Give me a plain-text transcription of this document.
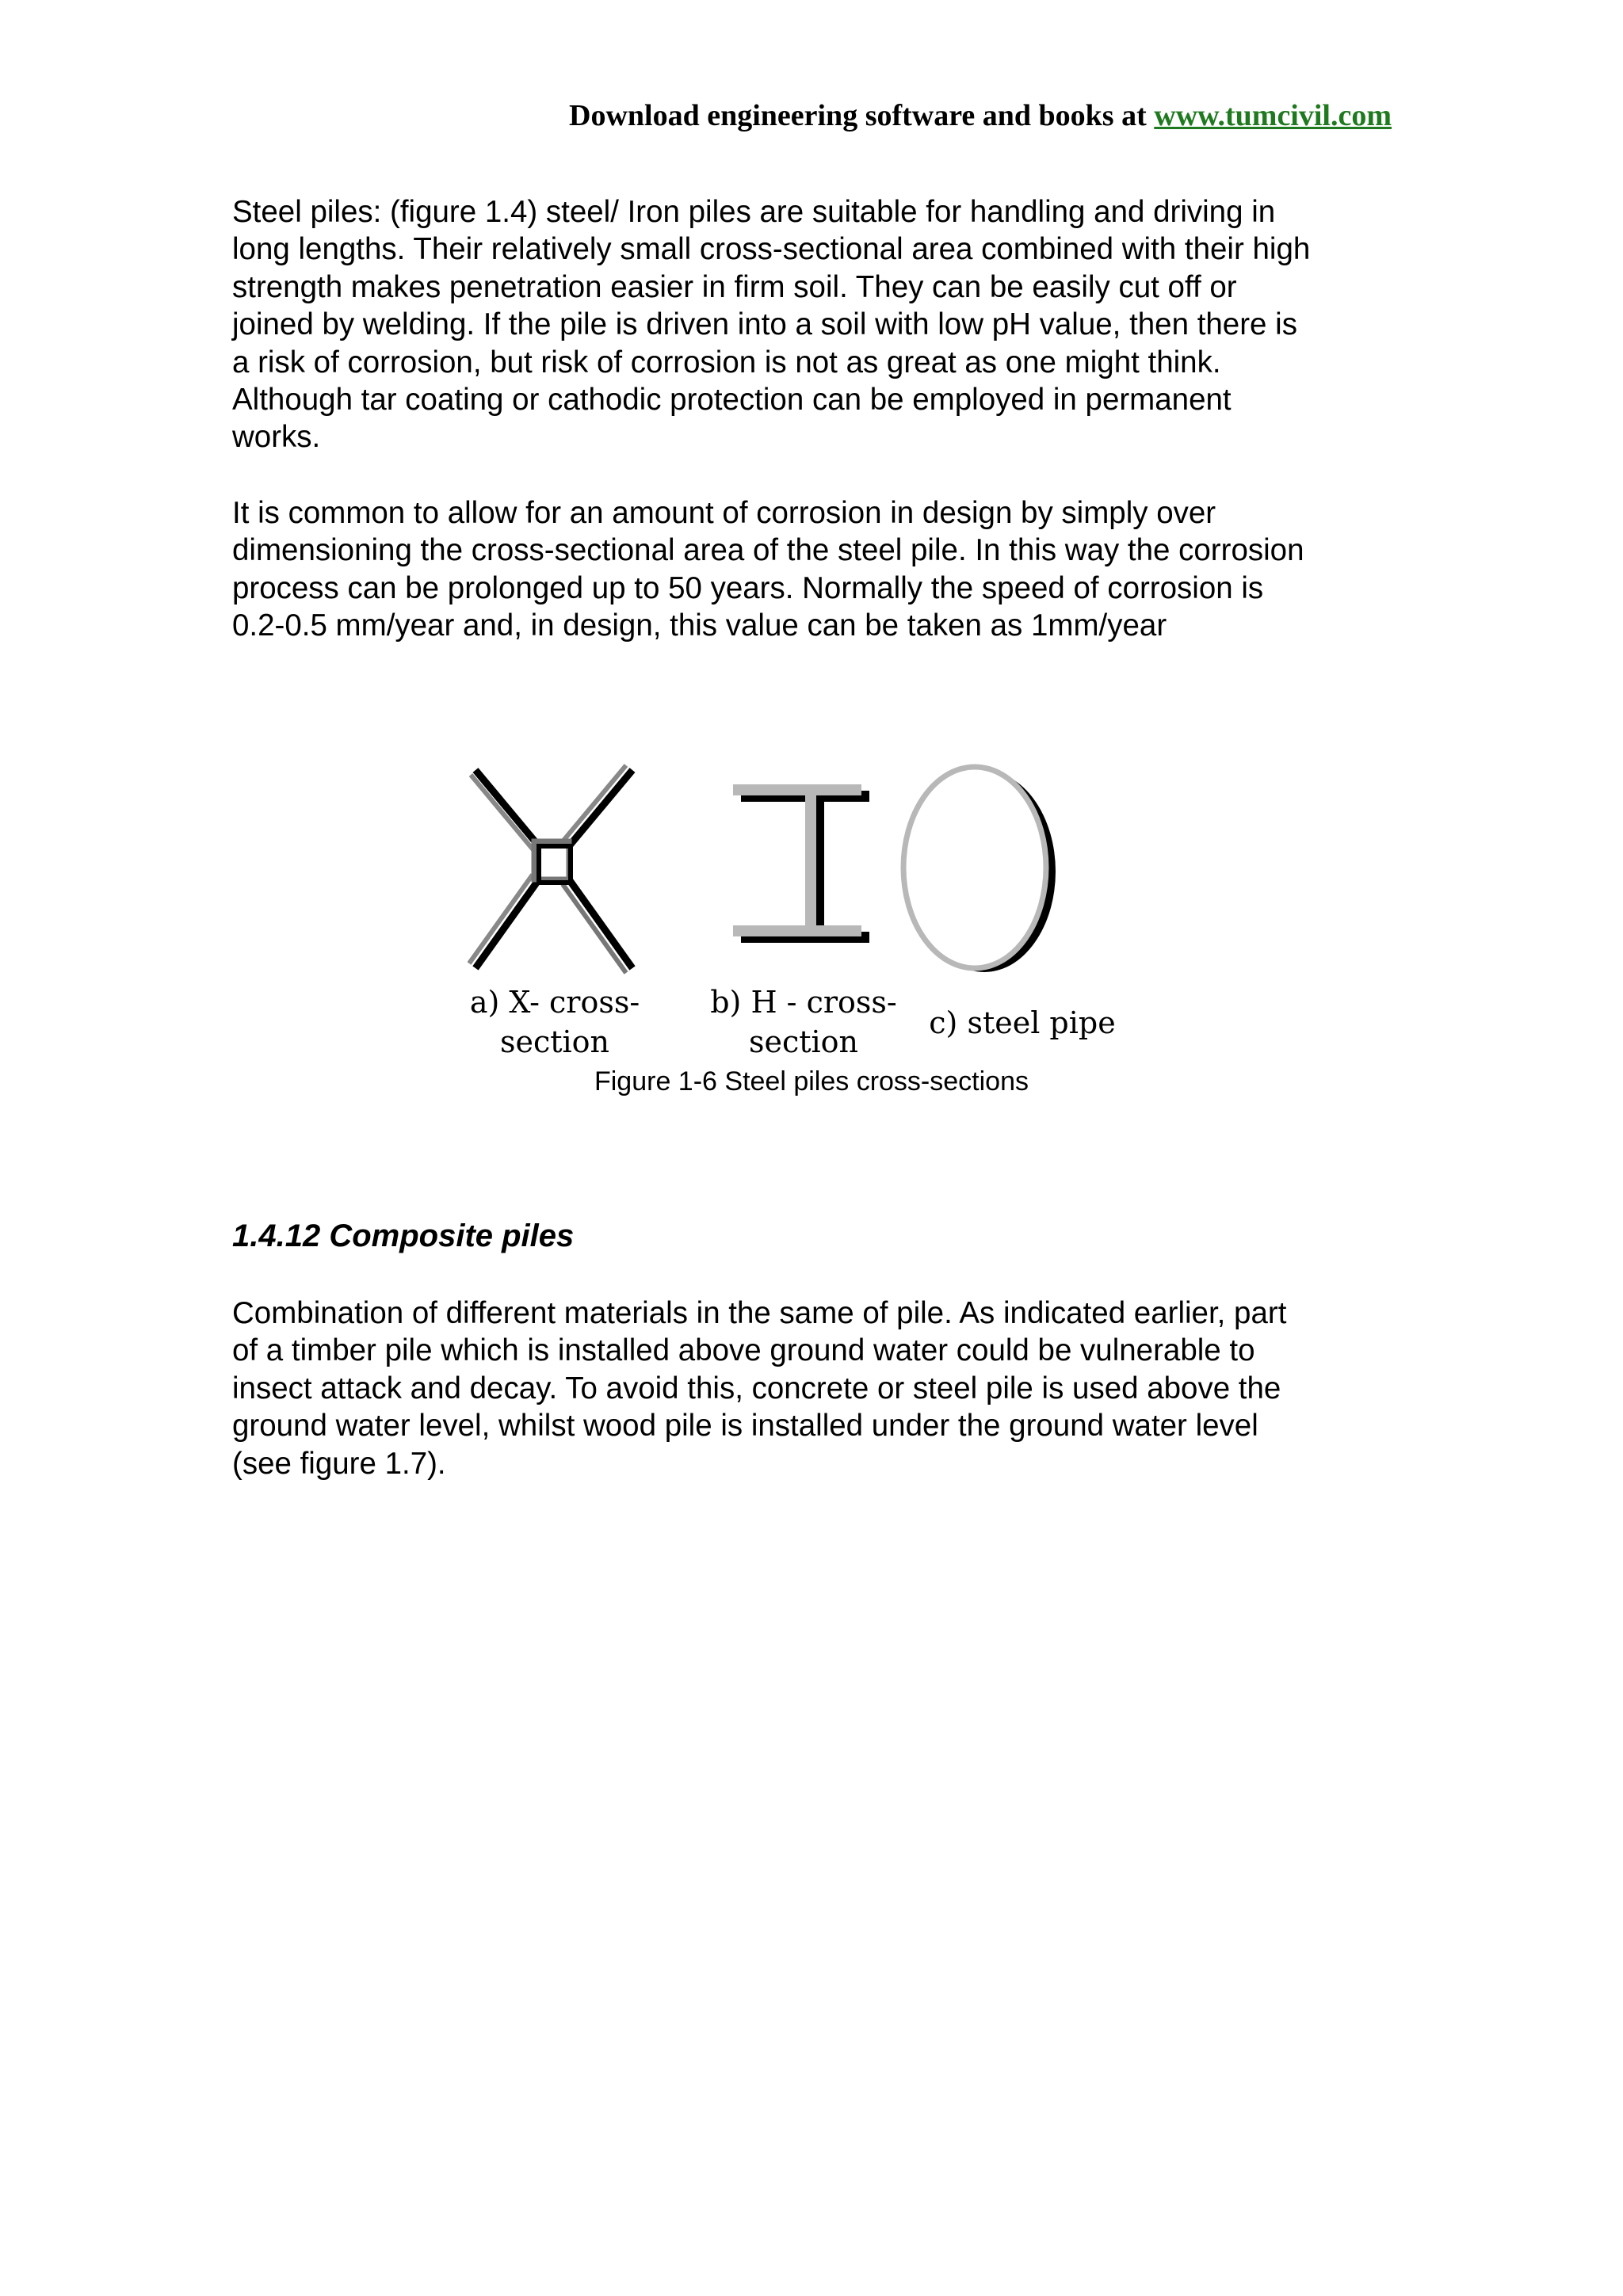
Download engineering software and books at www.tumcivil.com

Steel piles: (figure 1.4) steel/ Iron piles are suitable for handling and driving in
long lengths. Their relatively small cross-sectional area combined with their high
strength makes penetration easier in firm soil. They can be easily cut off or
joined by welding. If the pile is driven into a soil with low pH value, then there is
a risk of corrosion, but risk of corrosion is not as great as one might think.
Although tar coating or cathodic protection can be employed in permanent
works.

It is common to allow for an amount of corrosion in design by simply over
dimensioning the cross-sectional area of the steel pile. In this way the corrosion
process can be prolonged up to 50 years. Normally the speed of corrosion is
0.2-0.5 mm/year and, in design, this value can be taken as 1mm/year

a) X- cross-
section
b) H - cross-
section
c) steel pipe
Figure 1-6 Steel piles cross-sections
1.4.12 Composite piles

Combination of different materials in the same of pile. As indicated earlier, part
of a timber pile which is installed above ground water could be vulnerable to
insect attack and decay. To avoid this, concrete or steel pile is used above the
ground water level, whilst wood pile is installed under the ground water level
(see figure 1.7).
